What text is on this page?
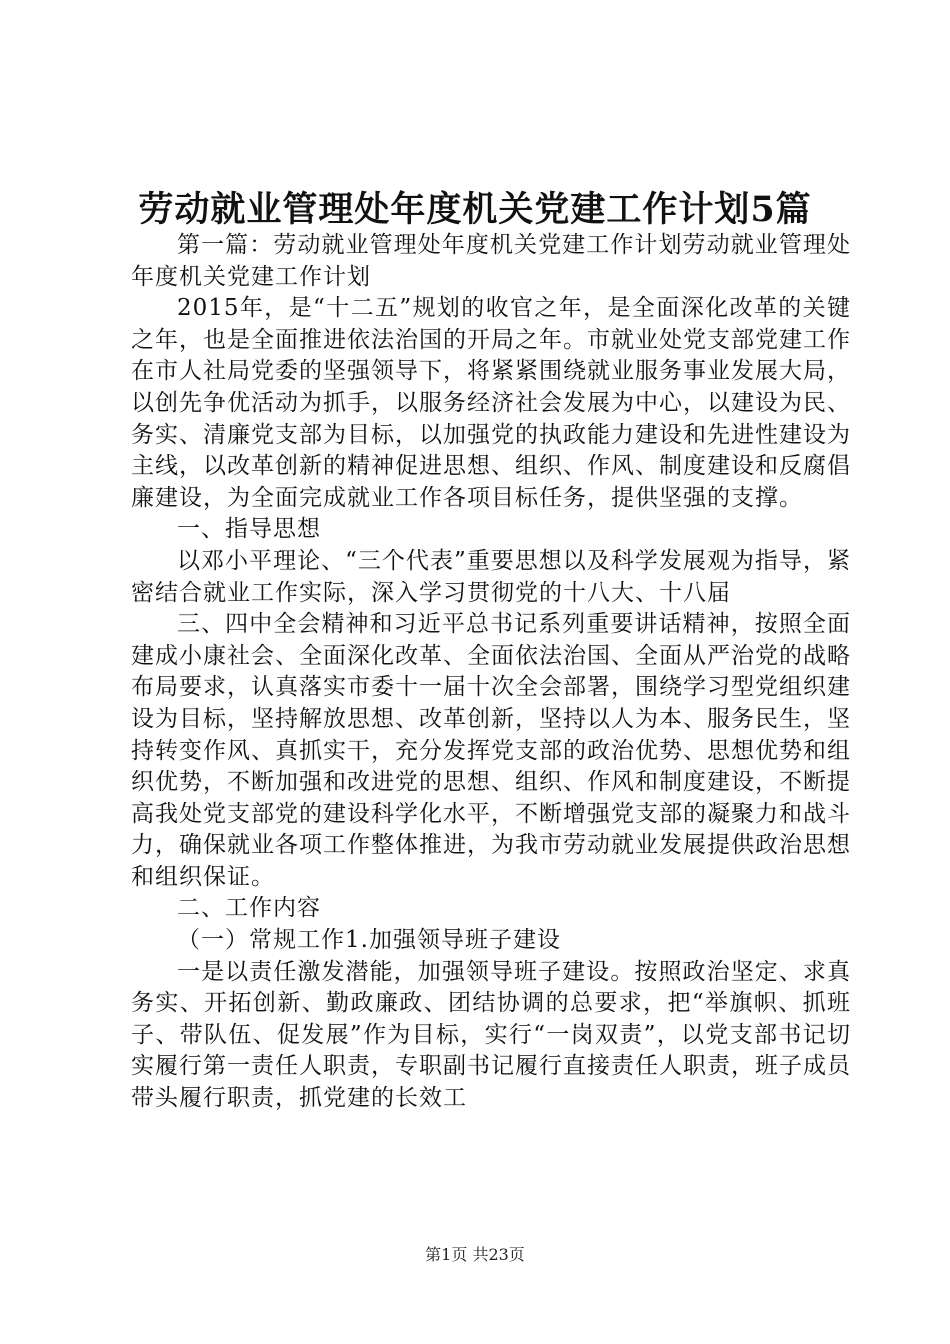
劳动就业管理处年度机关党建工作计划5篇

第一篇：劳动就业管理处年度机关党建工作计划劳动就业管理处年度机关党建工作计划

2015年，是“十二五”规划的收官之年，是全面深化改革的关键之年，也是全面推进依法治国的开局之年。市就业处党支部党建工作在市人社局党委的坚强领导下，将紧紧围绕就业服务事业发展大局，以创先争优活动为抓手，以服务经济社会发展为中心，以建设为民、务实、清廉党支部为目标，以加强党的执政能力建设和先进性建设为主线，以改革创新的精神促进思想、组织、作风、制度建设和反腐倡廉建设，为全面完成就业工作各项目标任务，提供坚强的支撑。

一、指导思想

以邓小平理论、“三个代表”重要思想以及科学发展观为指导，紧密结合就业工作实际，深入学习贯彻党的十八大、十八届

三、四中全会精神和习近平总书记系列重要讲话精神，按照全面建成小康社会、全面深化改革、全面依法治国、全面从严治党的战略布局要求，认真落实市委十一届十次全会部署，围绕学习型党组织建设为目标，坚持解放思想、改革创新，坚持以人为本、服务民生，坚持转变作风、真抓实干，充分发挥党支部的政治优势、思想优势和组织优势，不断加强和改进党的思想、组织、作风和制度建设，不断提高我处党支部党的建设科学化水平，不断增强党支部的凝聚力和战斗力，确保就业各项工作整体推进，为我市劳动就业发展提供政治思想和组织保证。

二、工作内容

（一）常规工作1.加强领导班子建设

一是以责任激发潜能，加强领导班子建设。按照政治坚定、求真务实、开拓创新、勤政廉政、团结协调的总要求，把“举旗帜、抓班子、带队伍、促发展”作为目标，实行“一岗双责”，以党支部书记切实履行第一责任人职责，专职副书记履行直接责任人职责，班子成员带头履行职责，抓党建的长效工

第1页 共23页
